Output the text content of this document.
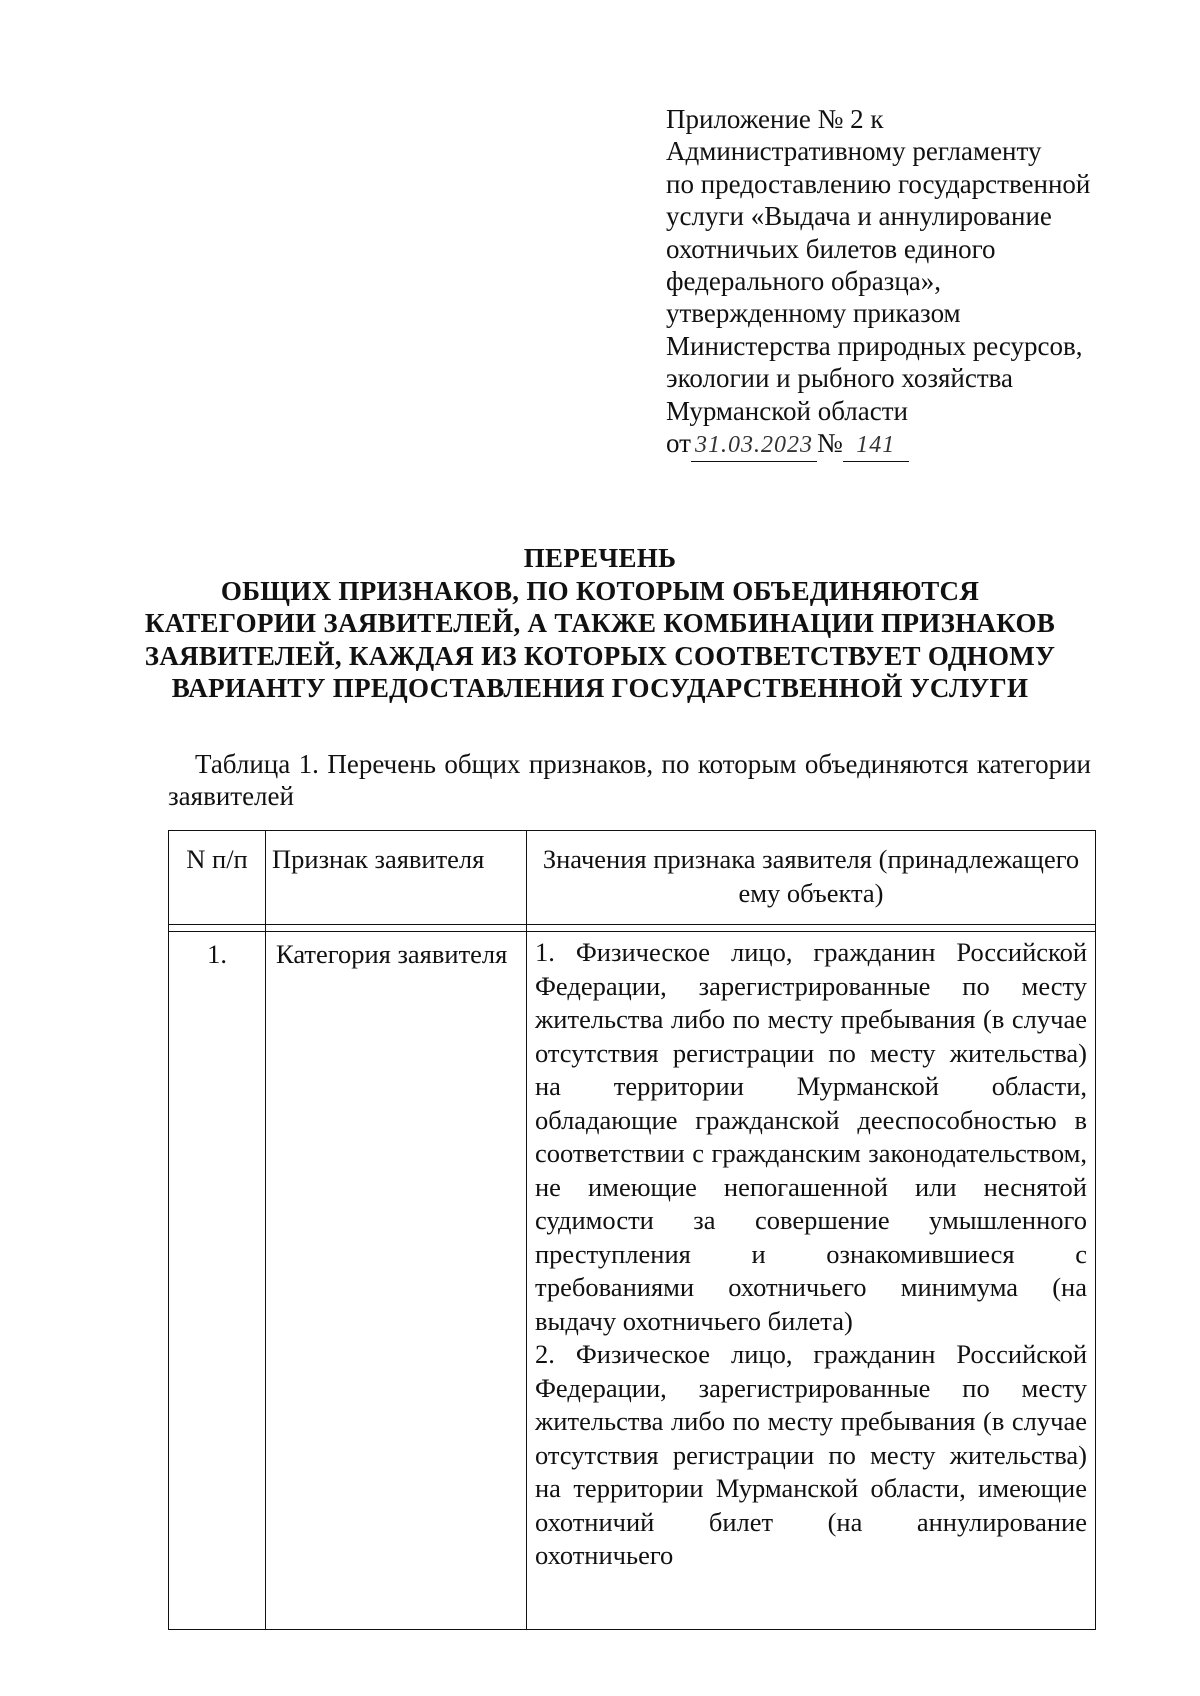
Приложение № 2 к
Административному регламенту
по предоставлению государственной
услуги «Выдача и аннулирование
охотничьих билетов единого
федерального образца»,
утвержденному приказом
Министерства природных ресурсов,
экологии и рыбного хозяйства
Мурманской области
от 31.03.2023 № 141
ПЕРЕЧЕНЬ
ОБЩИХ ПРИЗНАКОВ, ПО КОТОРЫМ ОБЪЕДИНЯЮТСЯ
КАТЕГОРИИ ЗАЯВИТЕЛЕЙ, А ТАКЖЕ КОМБИНАЦИИ ПРИЗНАКОВ
ЗАЯВИТЕЛЕЙ, КАЖДАЯ ИЗ КОТОРЫХ СООТВЕТСТВУЕТ ОДНОМУ
ВАРИАНТУ ПРЕДОСТАВЛЕНИЯ ГОСУДАРСТВЕННОЙ УСЛУГИ
Таблица 1. Перечень общих признаков, по которым объединяются категории заявителей
N п/п	Признак заявителя	Значения признака заявителя (принадлежащего ему объекта)

1.	Категория заявителя	1. Физическое лицо, гражданин Российской Федерации, зарегистрированные по месту жительства либо по месту пребывания (в случае отсутствия регистрации по месту жительства) на территории Мурманской области, обладающие гражданской дееспособностью в соответствии с гражданским законодательством, не имеющие непогашенной или неснятой судимости за совершение умышленного преступления и ознакомившиеся с требованиями охотничьего минимума (на выдачу охотничьего билета)
2. Физическое лицо, гражданин Российской Федерации, зарегистрированные по месту жительства либо по месту пребывания (в случае отсутствия регистрации по месту жительства) на территории Мурманской области, имеющие охотничий билет (на аннулирование охотничьего
